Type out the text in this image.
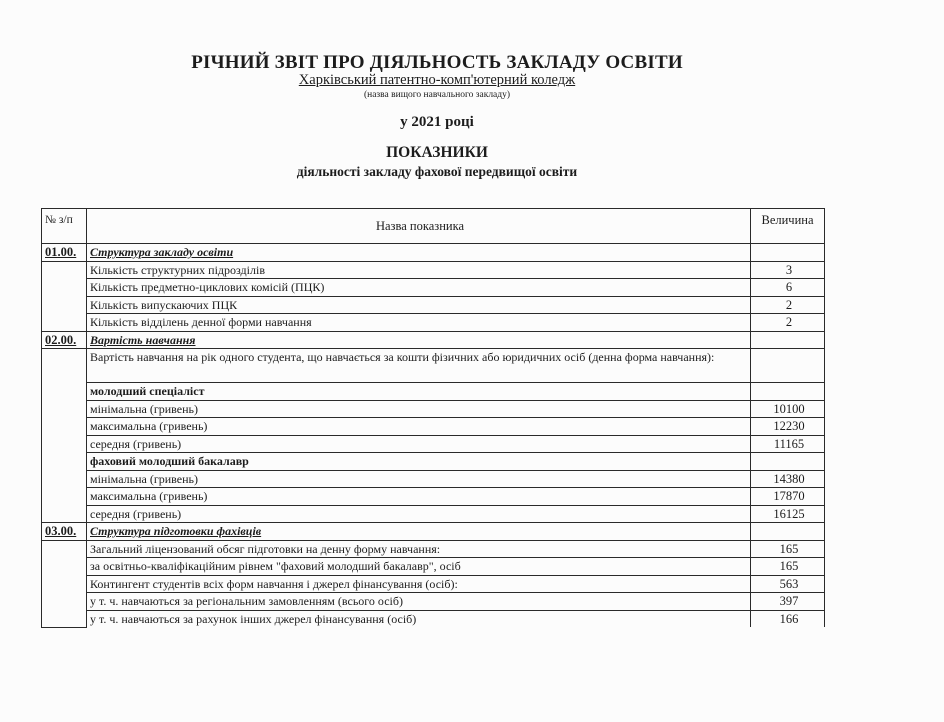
РІЧНИЙ ЗВІТ ПРО ДІЯЛЬНОСТЬ ЗАКЛАДУ ОСВІТИ
Харківський патентно-комп'ютерний коледж
(назва вищого навчального закладу)
у 2021 році
ПОКАЗНИКИ
діяльності закладу фахової передвищої освіти
№ з/п	Назва показника	Величина
01.00.	Структура закладу освіти	
	Кількість структурних підрозділів	3
	Кількість предметно-циклових комісій (ПЦК)	6
	Кількість випускаючих ПЦК	2
	Кількість відділень денної форми навчання	2
02.00.	Вартість навчання	
	Вартість навчання на рік одного студента, що навчається за кошти фізичних або юридичних осіб (денна форма навчання):	
	молодший спеціаліст	
	мінімальна (гривень)	10100
	максимальна (гривень)	12230
	середня (гривень)	11165
	фаховий молодший бакалавр	
	мінімальна (гривень)	14380
	максимальна (гривень)	17870
	середня (гривень)	16125
03.00.	Структура підготовки фахівців	
	Загальний ліцензований обсяг підготовки на денну форму навчання:	165
	за освітньо-кваліфікаційним рівнем "фаховий молодший бакалавр", осіб	165
	Контингент студентів всіх форм навчання і джерел фінансування (осіб):	563
	у т. ч. навчаються за регіональним замовленням (всього осіб)	397
	у т. ч. навчаються за рахунок інших джерел фінансування (осіб)	166
